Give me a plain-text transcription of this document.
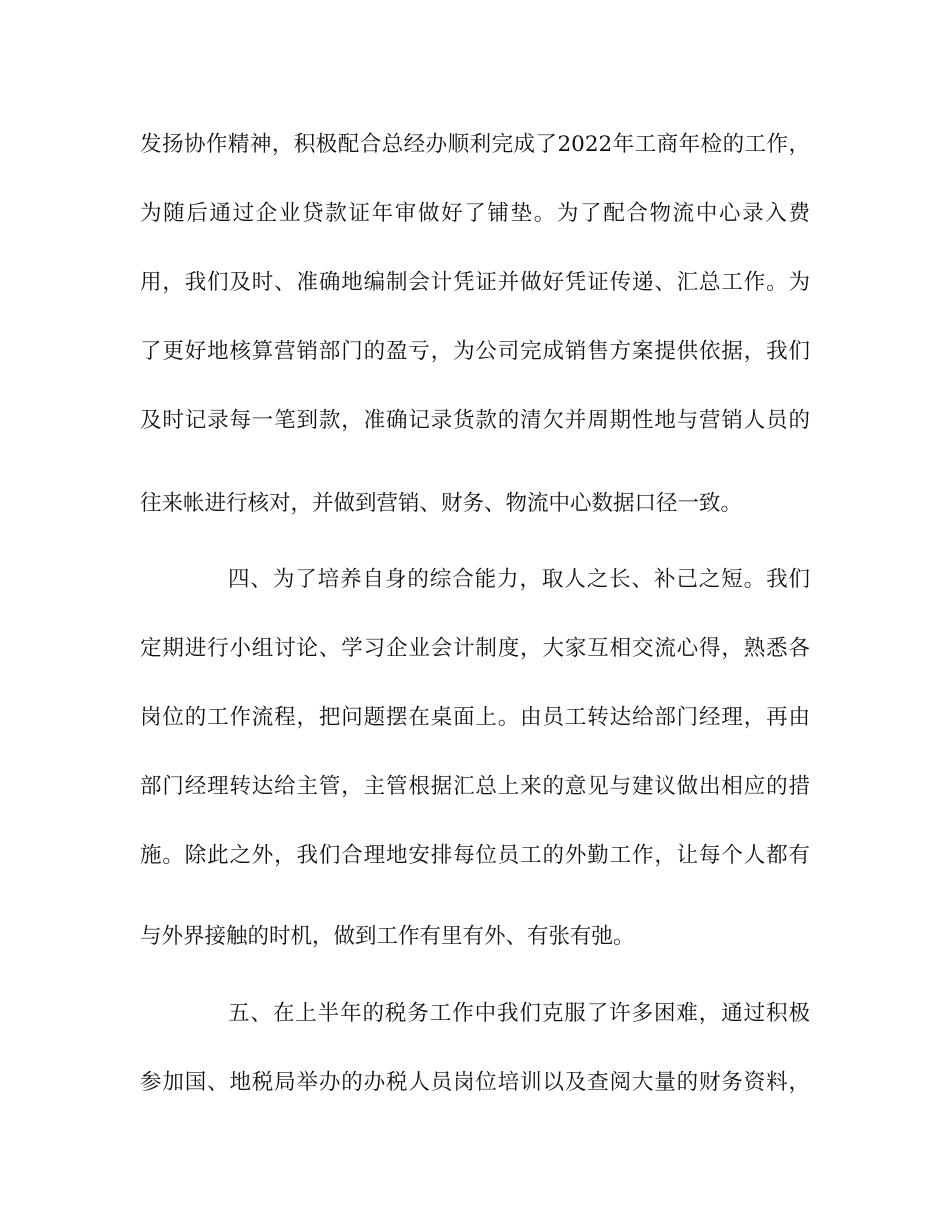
发扬协作精神，积极配合总经办顺利完成了2022年工商年检的工作，

为随后通过企业贷款证年审做好了铺垫。为了配合物流中心录入费

用，我们及时、准确地编制会计凭证并做好凭证传递、汇总工作。为

了更好地核算营销部门的盈亏，为公司完成销售方案提供依据，我们

及时记录每一笔到款，准确记录货款的清欠并周期性地与营销人员的

往来帐进行核对，并做到营销、财务、物流中心数据口径一致。

四、为了培养自身的综合能力，取人之长、补己之短。我们

定期进行小组讨论、学习企业会计制度，大家互相交流心得，熟悉各

岗位的工作流程，把问题摆在桌面上。由员工转达给部门经理，再由

部门经理转达给主管，主管根据汇总上来的意见与建议做出相应的措

施。除此之外，我们合理地安排每位员工的外勤工作，让每个人都有

与外界接触的时机，做到工作有里有外、有张有弛。

五、在上半年的税务工作中我们克服了许多困难，通过积极

参加国、地税局举办的办税人员岗位培训以及查阅大量的财务资料，
